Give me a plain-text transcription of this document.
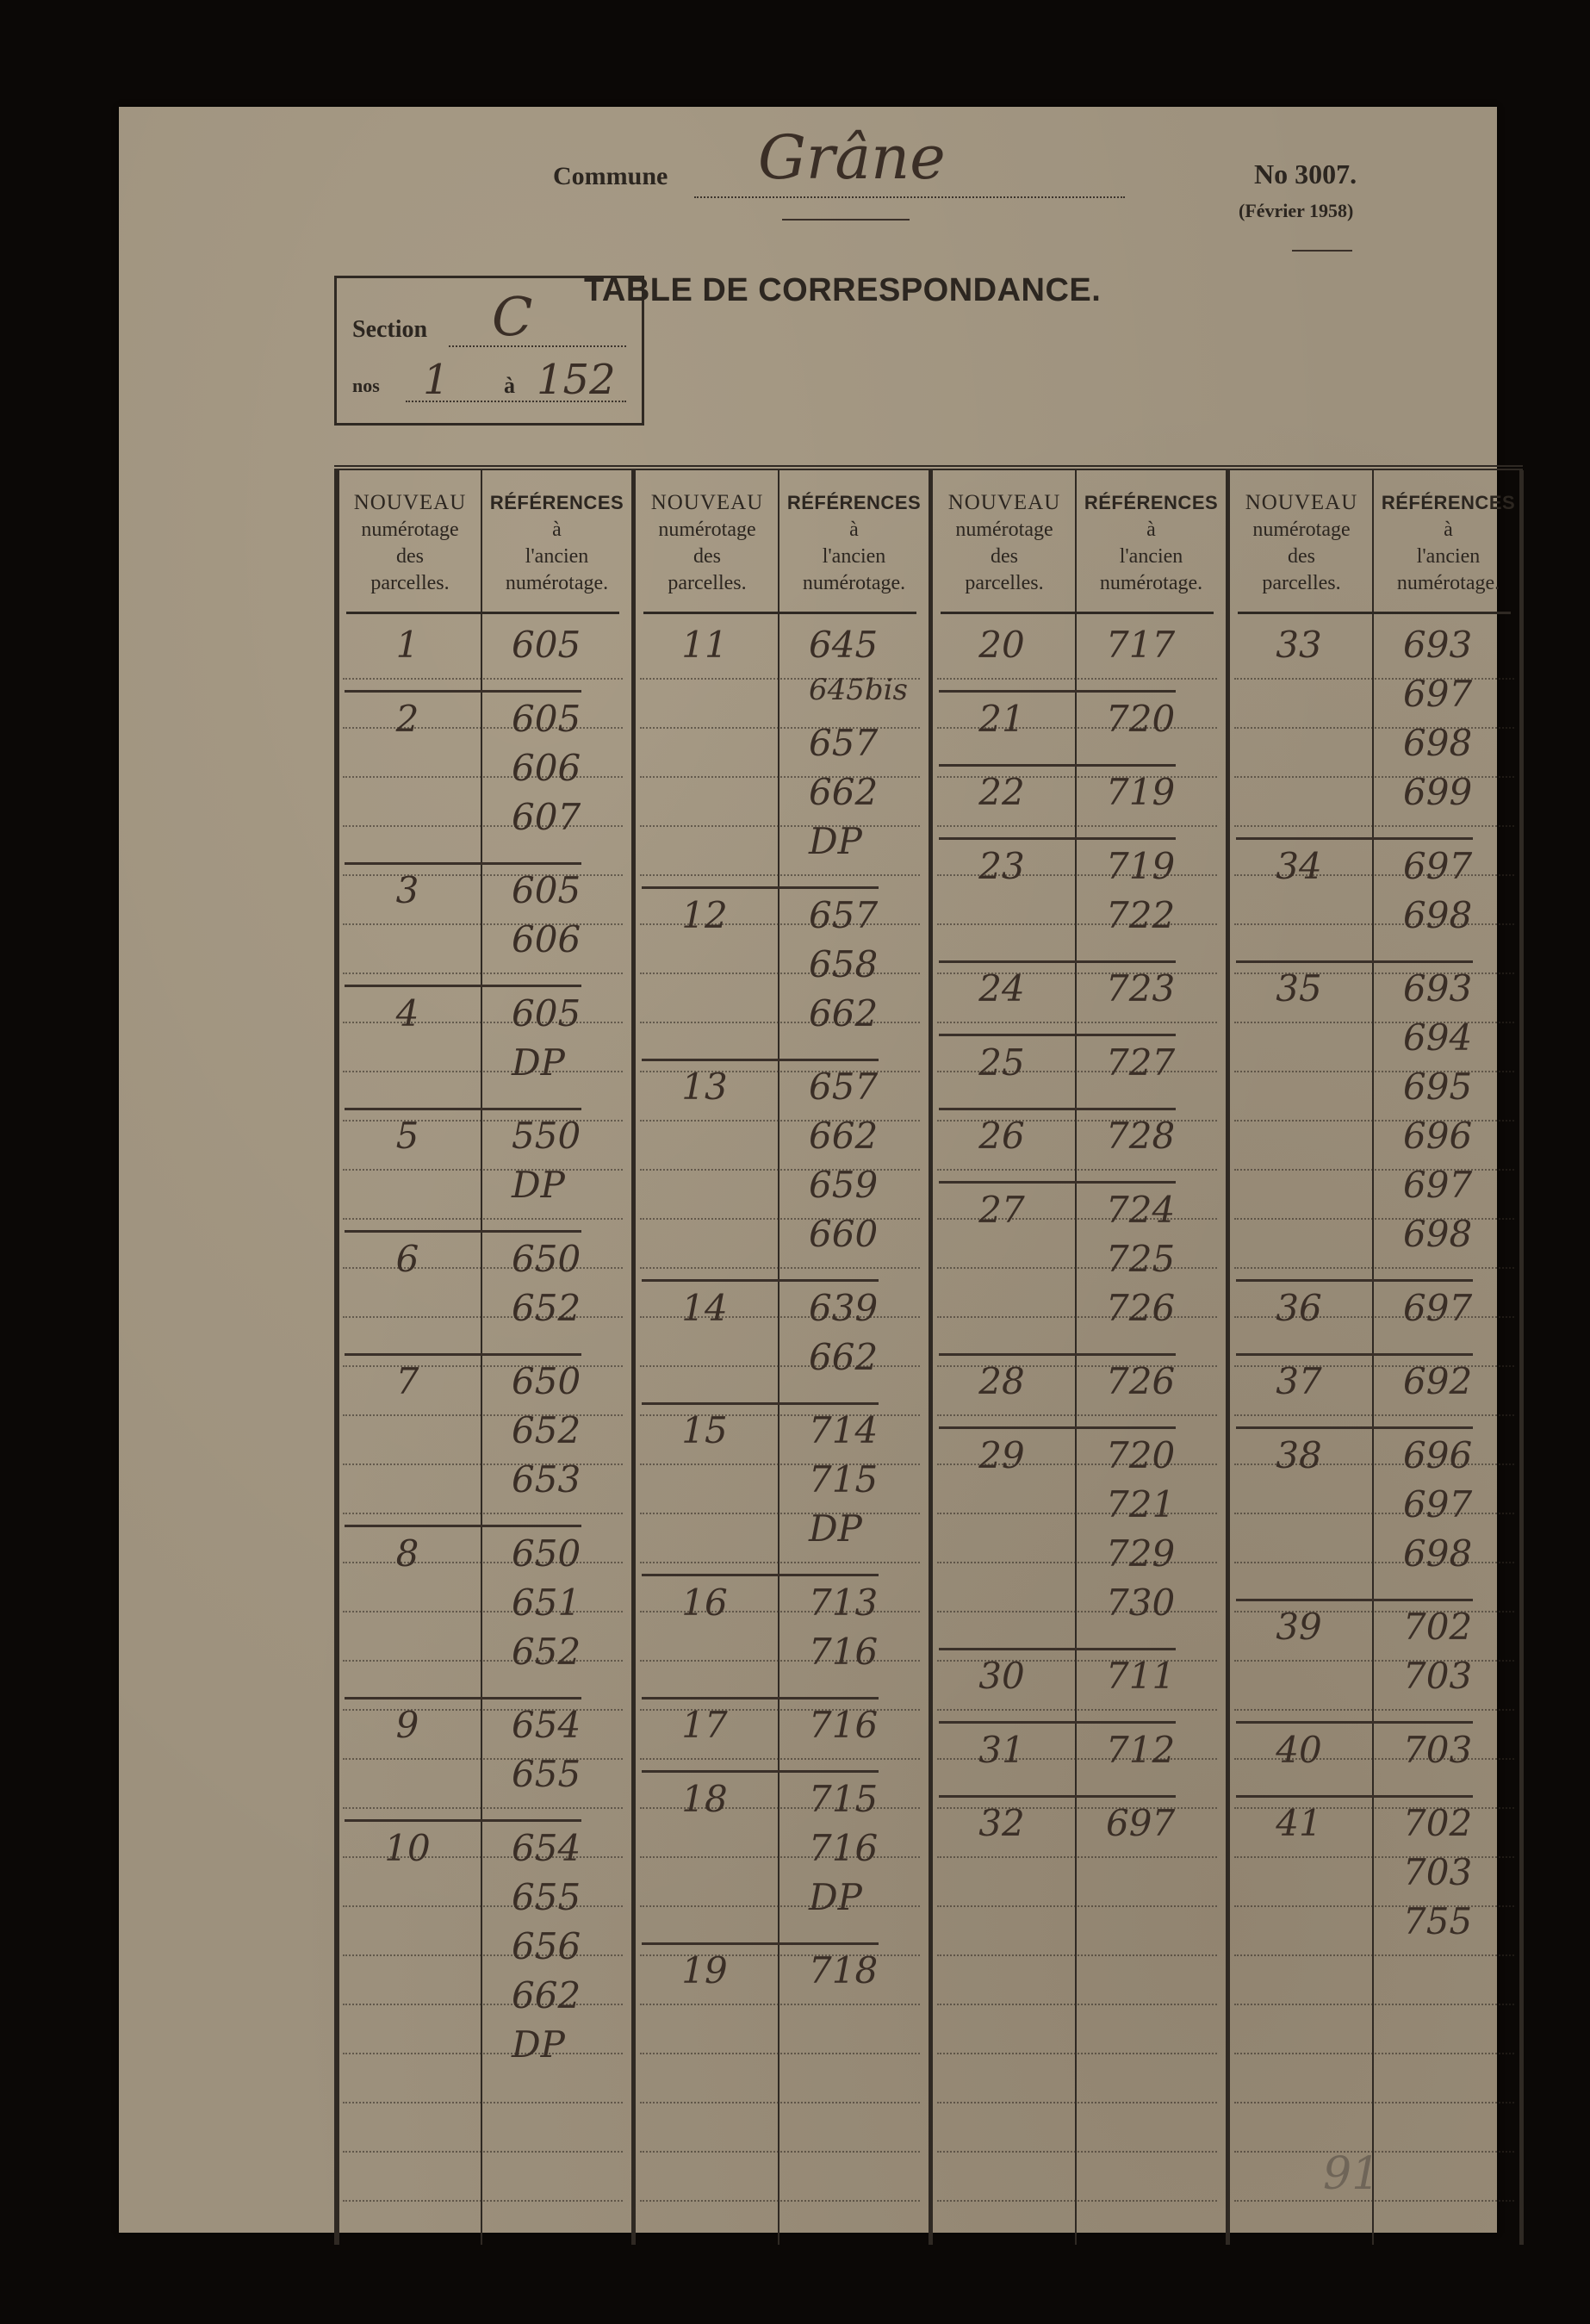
Section C
nos 1 à 152
Commune Grâne	No 3007.
(Février 1958)
TABLE DE CORRESPONDANCE.
NOUVEAU
numérotage
des
parcelles.
RÉFÉRENCES
à
l'ancien
numérotage.
NOUVEAU
numérotage
des
parcelles.
RÉFÉRENCES
à
l'ancien
numérotage.
NOUVEAU
numérotage
des
parcelles.
RÉFÉRENCES
à
l'ancien
numérotage.
NOUVEAU
numérotage
des
parcelles.
RÉFÉRENCES
à
l'ancien
numérotage.
1	605
2	605
606
607
3	605
606
4	605
DP
5	550
DP
6	650
652
7	650
652
653
8	650
651
652
9	654
655
10	654
655
656
662
DP
11	645
645bis
657
662
DP
12	657
658
662
13	657
662
659
660
14	639
662
15	714
715
DP
16	713
716
17	716
18	715
716
DP
19	718
20	717
21	720
22	719
23	719
722
24	723
25	727
26	728
27	724
725
726
28	726
29	720
721
729
730
30	711
31	712
32	697
33	693
697
698
699
34	697
698
35	693
694
695
696
697
698
36	697
37	692
38	696
697
698
39	702
703
40	703
41	702
703
755
91
